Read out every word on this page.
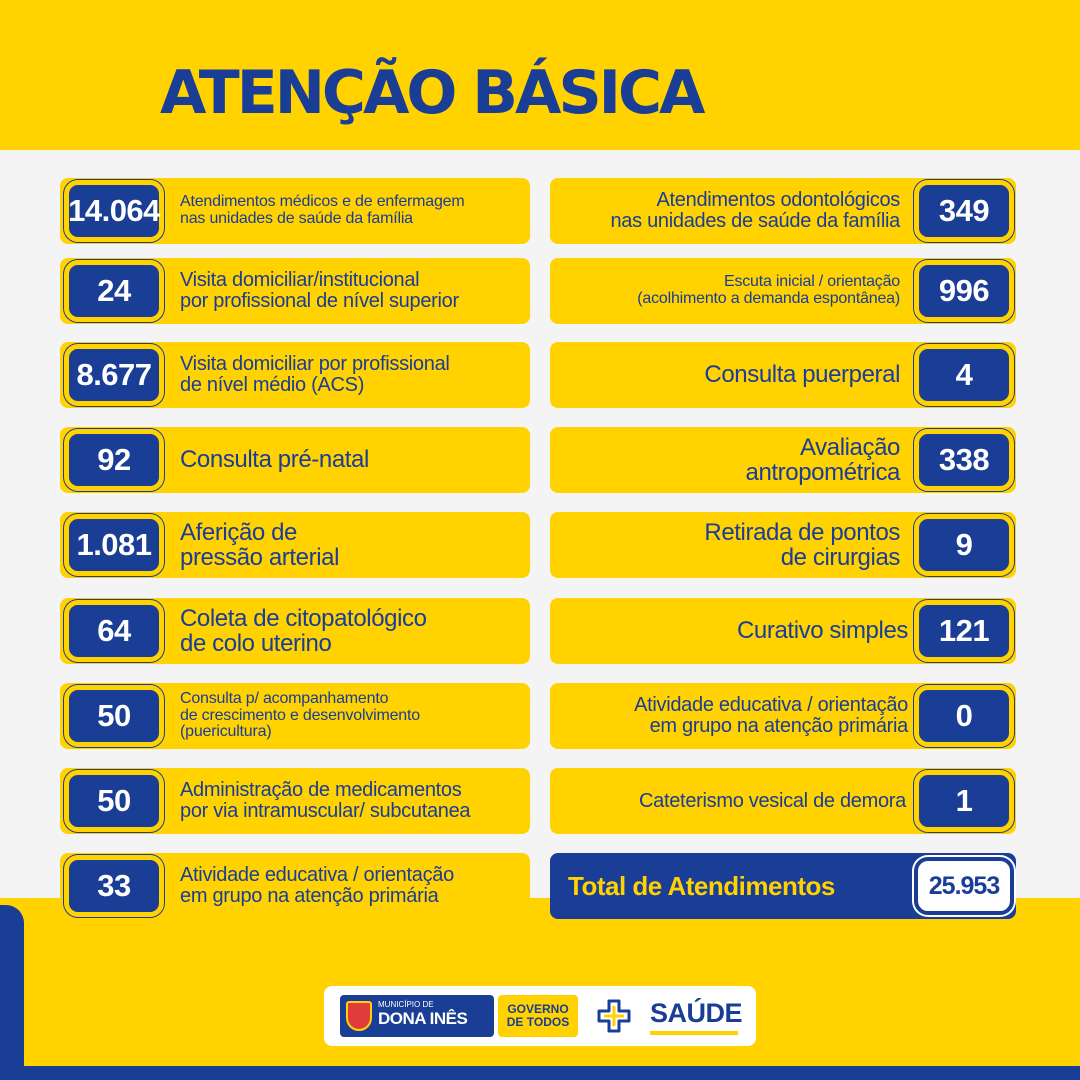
ATENÇÃO BÁSICA
14.064 Atendimentos médicos e de enfermagem
nas unidades de saúde da família
24	Visita domiciliar/institucional
por profissional de nível superior
8.677	Visita domiciliar por profissional
de nível médio (ACS)
92	Consulta pré-natal
1.081	Aferição de
pressão arterial
64	Coleta de citopatológico
de colo uterino
50	Consulta p/ acompanhamento
de crescimento e desenvolvimento
(puericultura)
50	Administração de medicamentos
por via intramuscular/ subcutanea
33	Atividade educativa / orientação
em grupo na atenção primária
Atendimentos odontológicos
nas unidades de saúde da família	349
Escuta inicial / orientação
(acolhimento a demanda espontânea)	996
Consulta puerperal	4
Avaliação
antropométrica	338
Retirada de pontos
de cirurgias	9
Curativo simples 121
Atividade educativa / orientação
em grupo na atenção primária	0
Cateterismo vesical de demora	1
Total de Atendimentos	25.953
MUNICÍPIO DE
DONA INÊS	GOVERNO
DE TODOS	SAÚDE
